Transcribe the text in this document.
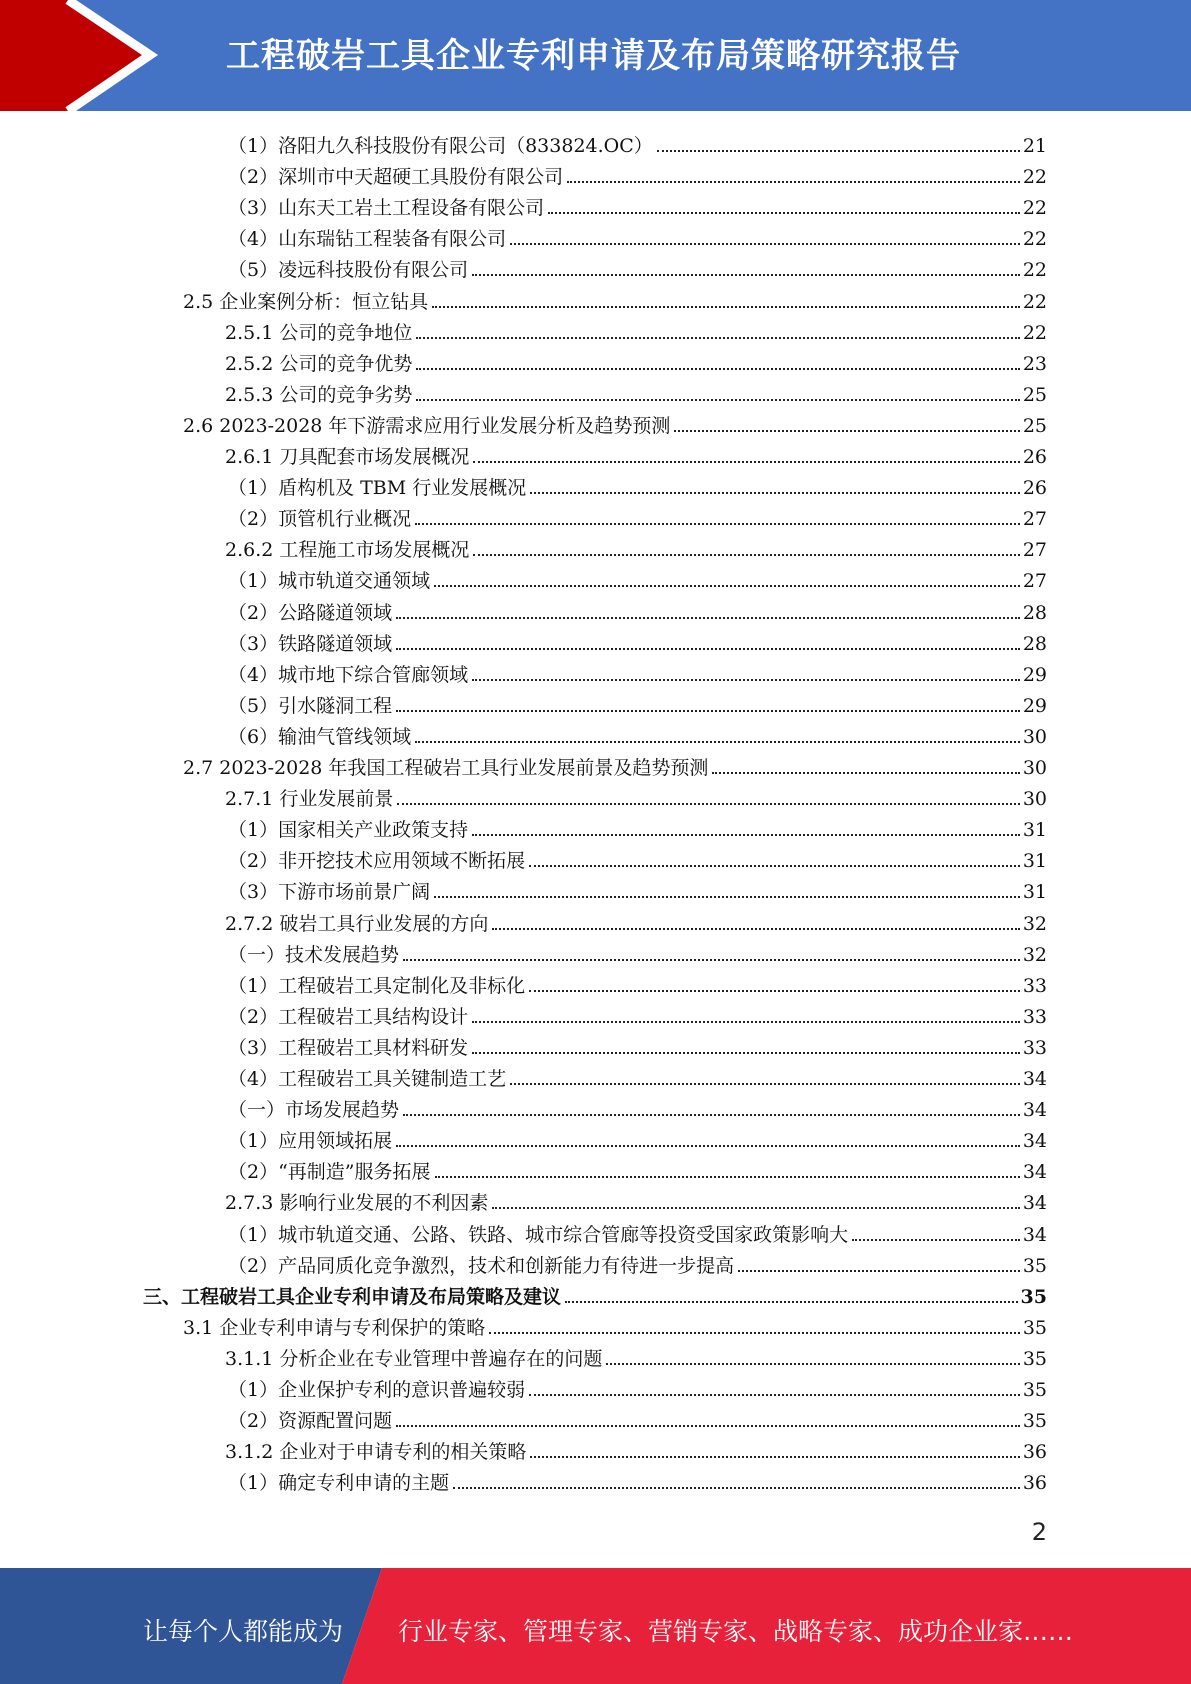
工程破岩工具企业专利申请及布局策略研究报告
（1）洛阳九久科技股份有限公司（833824.OC）	21
（2）深圳市中天超硬工具股份有限公司	22
（3）山东天工岩土工程设备有限公司	22
（4）山东瑞钻工程装备有限公司	22
（5）凌远科技股份有限公司	22
2.5 企业案例分析：恒立钻具	22
2.5.1 公司的竞争地位	22
2.5.2 公司的竞争优势	23
2.5.3 公司的竞争劣势	25
2.6 2023-2028 年下游需求应用行业发展分析及趋势预测	25
2.6.1 刀具配套市场发展概况	26
（1）盾构机及 TBM 行业发展概况	26
（2）顶管机行业概况	27
2.6.2 工程施工市场发展概况	27
（1）城市轨道交通领域	27
（2）公路隧道领域	28
（3）铁路隧道领域	28
（4）城市地下综合管廊领域	29
（5）引水隧洞工程	29
（6）输油气管线领域	30
2.7 2023-2028 年我国工程破岩工具行业发展前景及趋势预测	30
2.7.1 行业发展前景	30
（1）国家相关产业政策支持	31
（2）非开挖技术应用领域不断拓展	31
（3）下游市场前景广阔	31
2.7.2 破岩工具行业发展的方向	32
（一）技术发展趋势	32
（1）工程破岩工具定制化及非标化	33
（2）工程破岩工具结构设计	33
（3）工程破岩工具材料研发	33
（4）工程破岩工具关键制造工艺	34
（一）市场发展趋势	34
（1）应用领域拓展	34
（2）“再制造”服务拓展	34
2.7.3 影响行业发展的不利因素	34
（1）城市轨道交通、公路、铁路、城市综合管廊等投资受国家政策影响大	34
（2）产品同质化竞争激烈，技术和创新能力有待进一步提高	35
三、工程破岩工具企业专利申请及布局策略及建议	35
3.1 企业专利申请与专利保护的策略	35
3.1.1 分析企业在专业管理中普遍存在的问题	35
（1）企业保护专利的意识普遍较弱	35
（2）资源配置问题	35
3.1.2 企业对于申请专利的相关策略	36
（1）确定专利申请的主题	36
2
让每个人都能成为 行业专家、管理专家、营销专家、战略专家、成功企业家……
